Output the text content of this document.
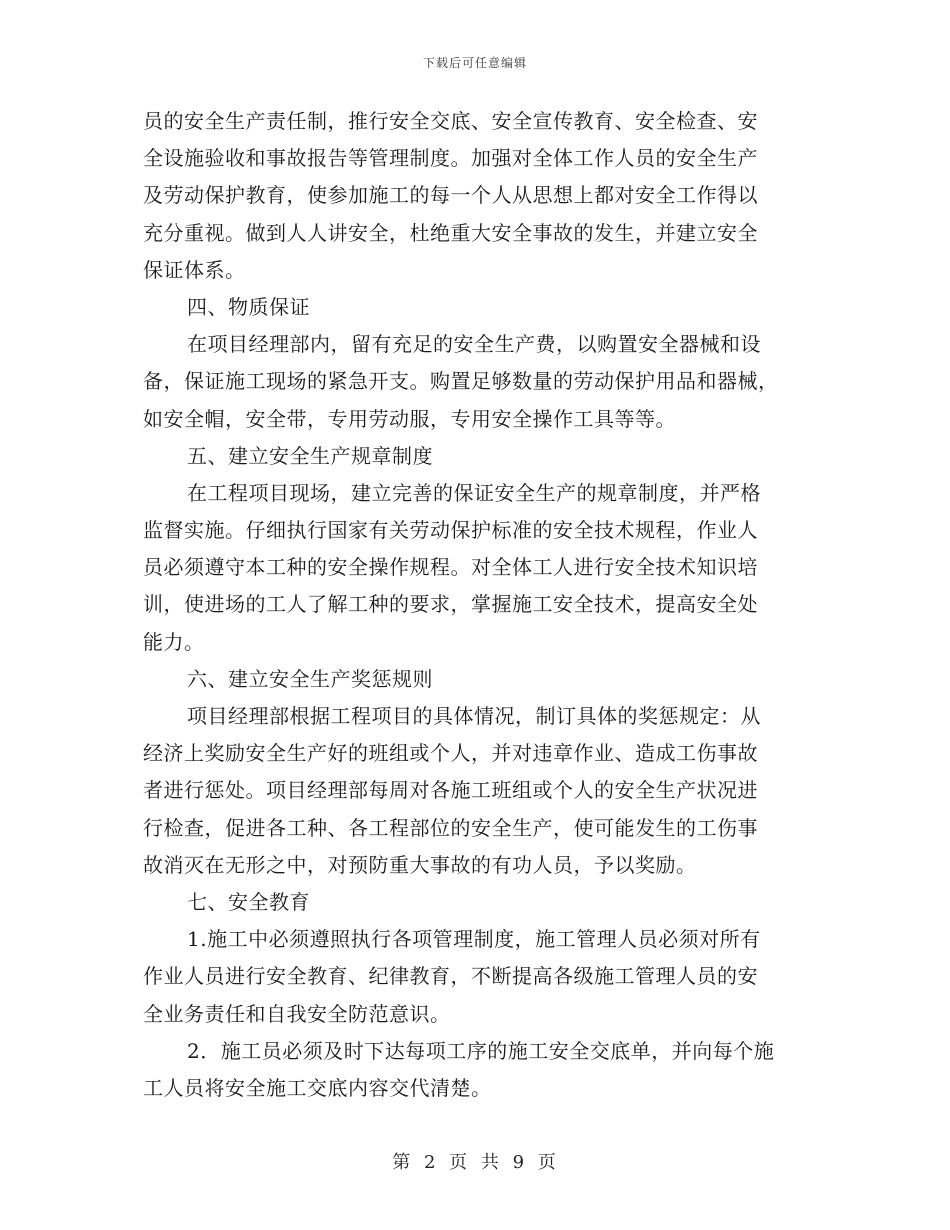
下载后可任意编辑
员的安全生产责任制，推行安全交底、安全宣传教育、安全检查、安
全设施验收和事故报告等管理制度。加强对全体工作人员的安全生产
及劳动保护教育，使参加施工的每一个人从思想上都对安全工作得以
充分重视。做到人人讲安全，杜绝重大安全事故的发生，并建立安全
保证体系。
四、物质保证
在项目经理部内，留有充足的安全生产费，以购置安全器械和设
备，保证施工现场的紧急开支。购置足够数量的劳动保护用品和器械，
如安全帽，安全带，专用劳动服，专用安全操作工具等等。
五、建立安全生产规章制度
在工程项目现场，建立完善的保证安全生产的规章制度，并严格
监督实施。仔细执行国家有关劳动保护标准的安全技术规程，作业人
员必须遵守本工种的安全操作规程。对全体工人进行安全技术知识培
训，使进场的工人了解工种的要求，掌握施工安全技术，提高安全处
能力。
六、建立安全生产奖惩规则
项目经理部根据工程项目的具体情况，制订具体的奖惩规定：从
经济上奖励安全生产好的班组或个人，并对违章作业、造成工伤事故
者进行惩处。项目经理部每周对各施工班组或个人的安全生产状况进
行检查，促进各工种、各工程部位的安全生产，使可能发生的工伤事
故消灭在无形之中，对预防重大事故的有功人员，予以奖励。
七、安全教育
1.施工中必须遵照执行各项管理制度，施工管理人员必须对所有
作业人员进行安全教育、纪律教育，不断提高各级施工管理人员的安
全业务责任和自我安全防范意识。
2．施工员必须及时下达每项工序的施工安全交底单，并向每个施
工人员将安全施工交底内容交代清楚。
第 2 页 共 9 页
